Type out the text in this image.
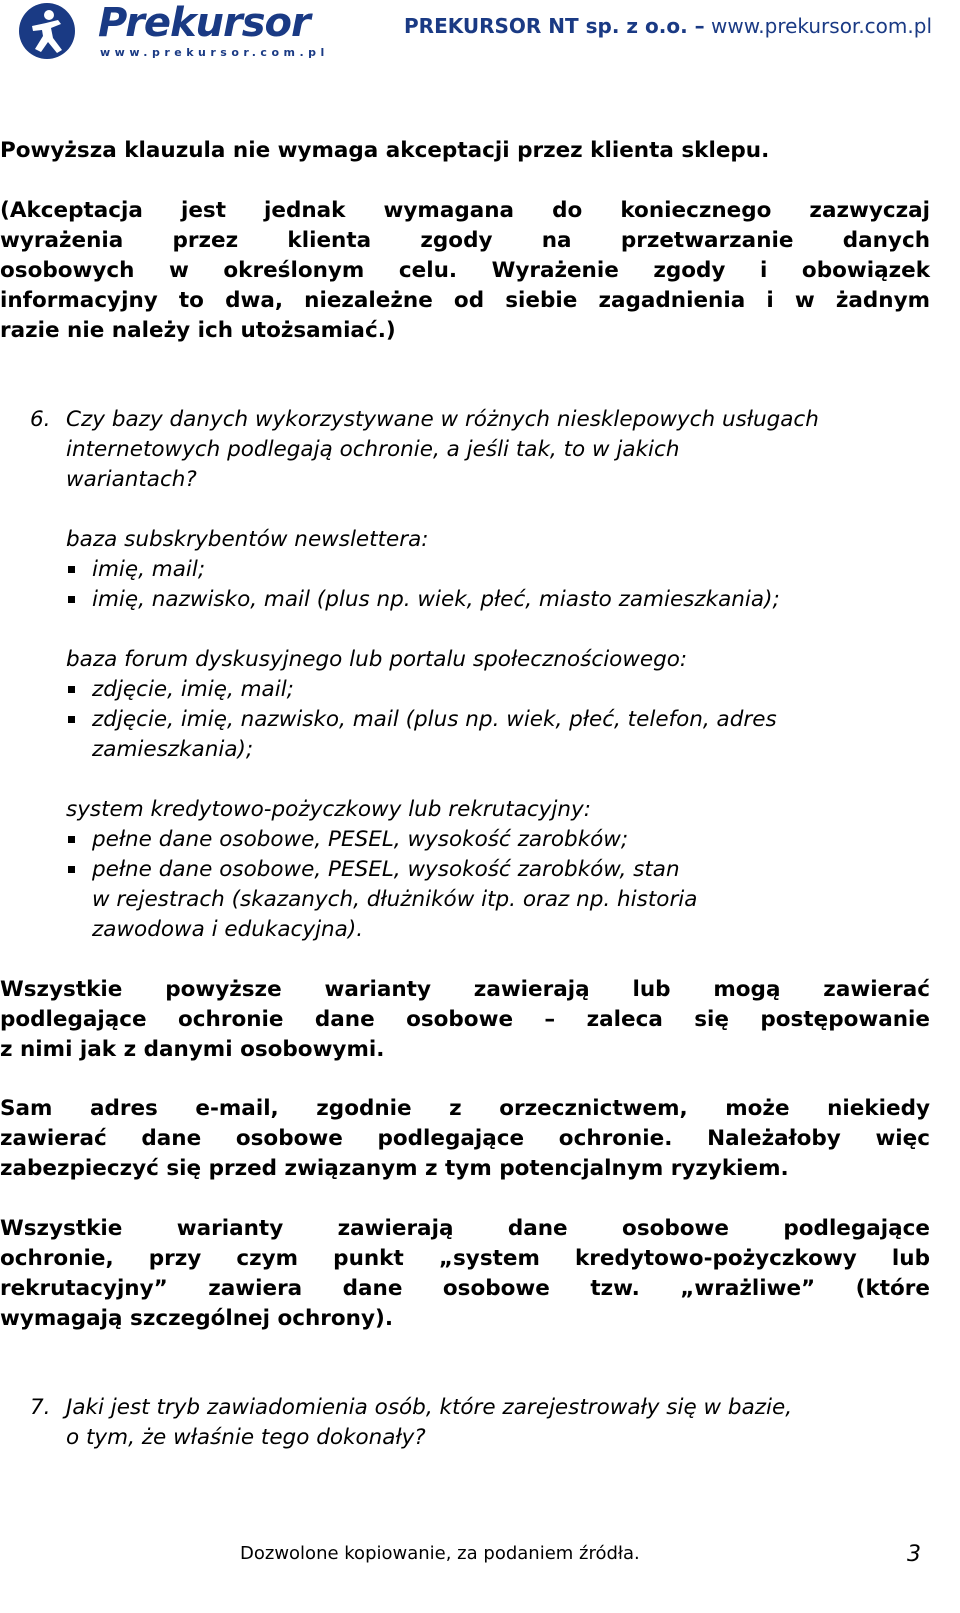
Prekursor
www.prekursor.com.pl
PREKURSOR NT sp. z o.o. – www.prekursor.com.pl

Powyższa klauzula nie wymaga akceptacji przez klienta sklepu.

(Akceptacja jest jednak wymagana do koniecznego zazwyczaj
wyrażenia przez klienta zgody na przetwarzanie danych
osobowych w określonym celu. Wyrażenie zgody i obowiązek
informacyjny to dwa, niezależne od siebie zagadnienia i w żadnym
razie nie należy ich utożsamiać.)
6. Czy bazy danych wykorzystywane w różnych niesklepowych usługach
internetowych podlegają ochronie, a jeśli tak, to w jakich
wariantach?

baza subskrybentów newslettera:

imię, mail;

imię, nazwisko, mail (plus np. wiek, płeć, miasto zamieszkania);

baza forum dyskusyjnego lub portalu społecznościowego:

zdjęcie, imię, mail;

zdjęcie, imię, nazwisko, mail (plus np. wiek, płeć, telefon, adres

zamieszkania);

system kredytowo-pożyczkowy lub rekrutacyjny:

pełne dane osobowe, PESEL, wysokość zarobków;

pełne dane osobowe, PESEL, wysokość zarobków, stan

w rejestrach (skazanych, dłużników itp. oraz np. historia

zawodowa i edukacyjna).

Wszystkie powyższe warianty zawierają lub mogą zawierać
podlegające ochronie dane osobowe – zaleca się postępowanie
z nimi jak z danymi osobowymi.
Sam adres e-mail, zgodnie z orzecznictwem, może niekiedy
zawierać dane osobowe podlegające ochronie. Należałoby więc
zabezpieczyć się przed związanym z tym potencjalnym ryzykiem.
Wszystkie warianty zawierają dane osobowe podlegające
ochronie, przy czym punkt „system kredytowo-pożyczkowy lub
rekrutacyjny” zawiera dane osobowe tzw. „wrażliwe” (które
wymagają szczególnej ochrony).
7. Jaki jest tryb zawiadomienia osób, które zarejestrowały się w bazie,
o tym, że właśnie tego dokonały?
Dozwolone kopiowanie, za podaniem źródła.	3
